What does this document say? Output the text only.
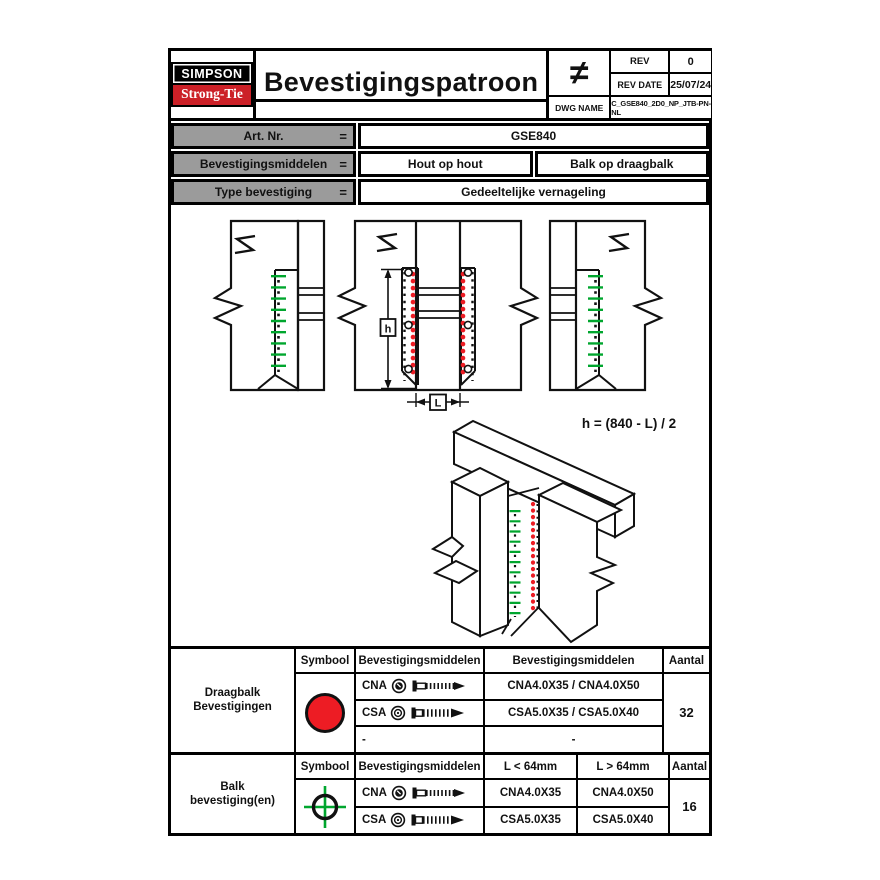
SIMPSON
Strong-Tie Bevestigingspatroon ≠	REV	0
REV DATE 25/07/24
DWG NAME	C_GSE840_2D0_NP_JTB-PN-NL
Art. Nr.	=	GSE840
Bevestigingsmiddelen =	Hout op hout	Balk op draagbalk
Type bevestiging =	Gedeeltelijke vernageling
h
L
h = (840 - L) / 2
Draagbalk
Bevestigingen
Symbool Bevestigingsmiddelen	Bevestigingsmiddelen	Aantal
CNA	CNA4.0X35 / CNA4.0X50
CSA	CSA5.0X35 / CSA5.0X40
-	-
32
Balk
bevestiging(en)
Symbool Bevestigingsmiddelen	L < 64mm	L > 64mm	Aantal
CNA	CNA4.0X35	CNA4.0X50
CSA	CSA5.0X35	CSA5.0X40
16
